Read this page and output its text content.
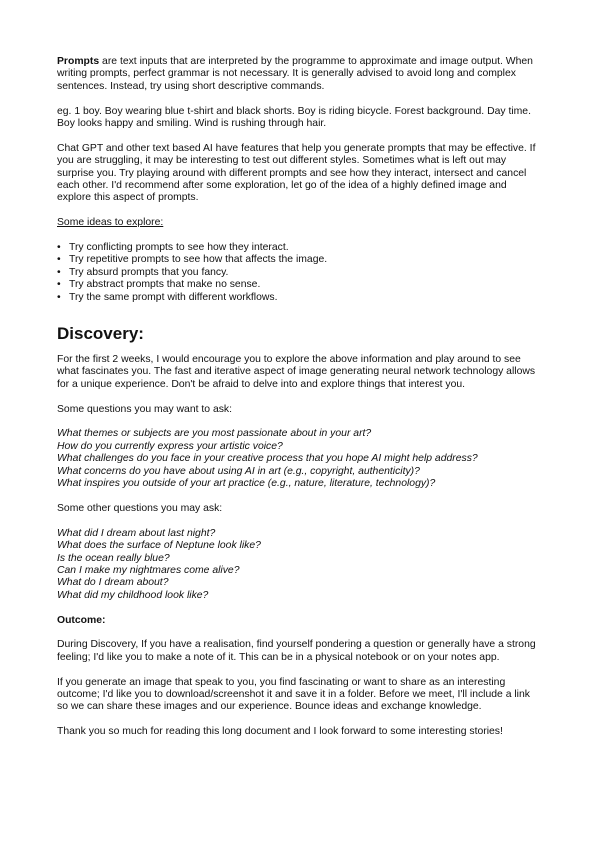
Prompts are text inputs that are interpreted by the programme to approximate and image output. When writing prompts, perfect grammar is not necessary. It is generally advised to avoid long and complex sentences. Instead, try using short descriptive commands.

eg. 1 boy. Boy wearing blue t-shirt and black shorts. Boy is riding bicycle. Forest background. Day time. Boy looks happy and smiling. Wind is rushing through hair.

Chat GPT and other text based AI have features that help you generate prompts that may be effective. If you are struggling, it may be interesting to test out different styles. Sometimes what is left out may surprise you. Try playing around with different prompts and see how they interact, intersect and cancel each other. I'd recommend after some exploration, let go of the idea of a highly defined image and explore this aspect of prompts.

Some ideas to explore:

• Try conflicting prompts to see how they interact.
• Try repetitive prompts to see how that affects the image.
• Try absurd prompts that you fancy.
• Try abstract prompts that make no sense.
• Try the same prompt with different workflows.
Discovery:

For the first 2 weeks, I would encourage you to explore the above information and play around to see what fascinates you. The fast and iterative aspect of image generating neural network technology allows for a unique experience. Don't be afraid to delve into and explore things that interest you.

Some questions you may want to ask:

What themes or subjects are you most passionate about in your art?
How do you currently express your artistic voice?
What challenges do you face in your creative process that you hope AI might help address?
What concerns do you have about using AI in art (e.g., copyright, authenticity)?
What inspires you outside of your art practice (e.g., nature, literature, technology)?

Some other questions you may ask:

What did I dream about last night?
What does the surface of Neptune look like?
Is the ocean really blue?
Can I make my nightmares come alive?
What do I dream about?
What did my childhood look like?

Outcome:

During Discovery, If you have a realisation, find yourself pondering a question or generally have a strong feeling; I'd like you to make a note of it. This can be in a physical notebook or on your notes app.

If you generate an image that speak to you, you find fascinating or want to share as an interesting outcome; I'd like you to download/screenshot it and save it in a folder. Before we meet, I'll include a link so we can share these images and our experience. Bounce ideas and exchange knowledge.

Thank you so much for reading this long document and I look forward to some interesting stories!
